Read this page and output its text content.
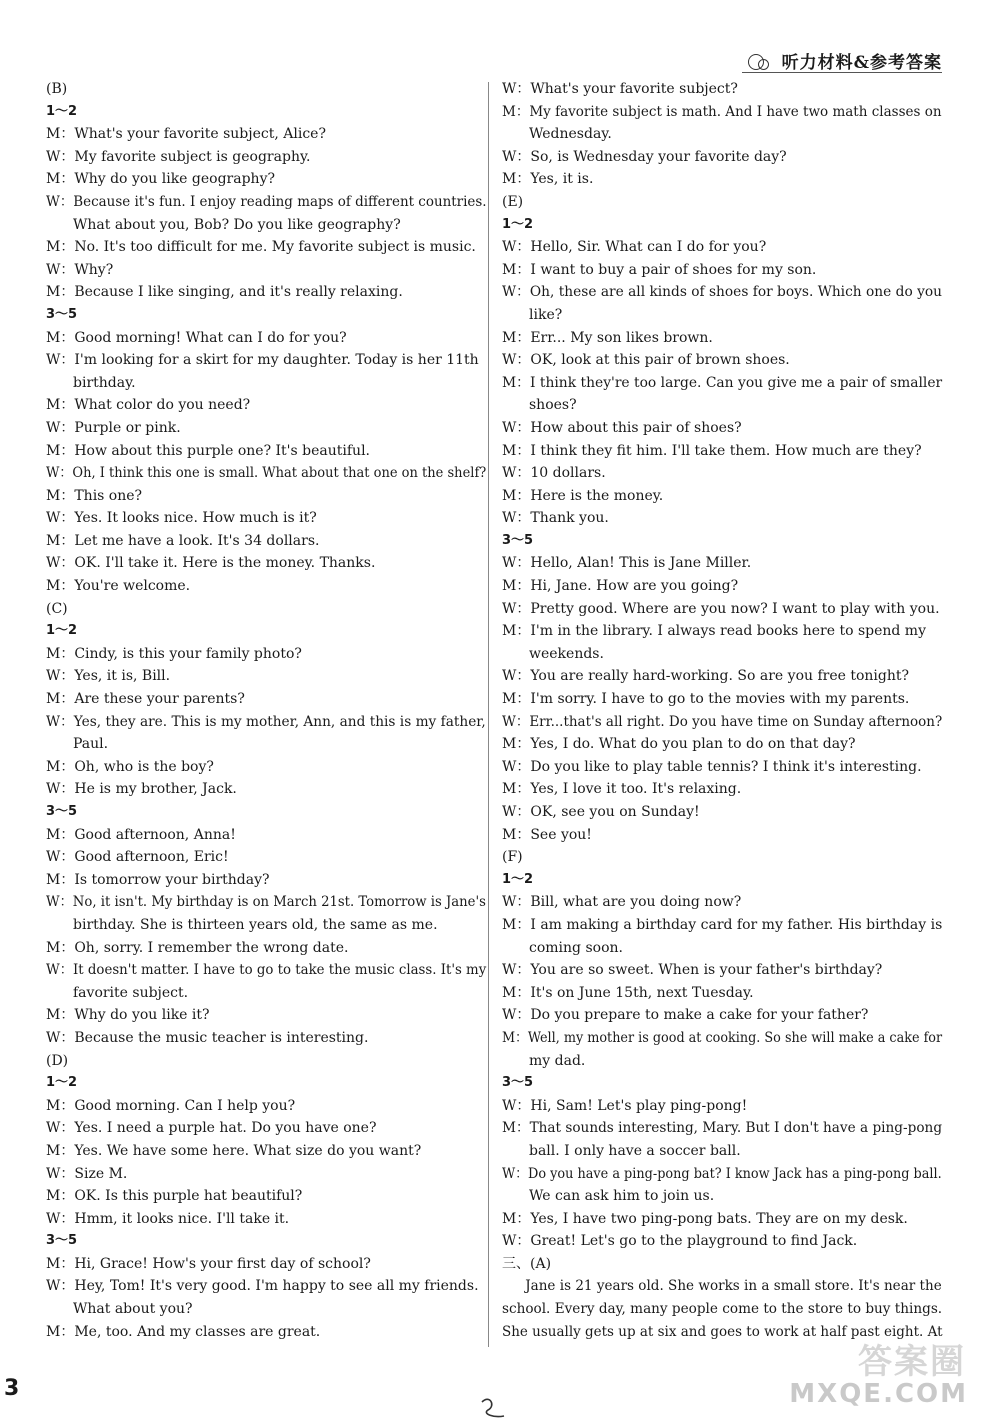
听力材料&参考答案
(B)
1～2
M：What's your favorite subject, Alice?
W：My favorite subject is geography.
M：Why do you like geography?
W：Because it's fun. I enjoy reading maps of different countries.
What about you, Bob? Do you like geography?
M：No. It's too difficult for me. My favorite subject is music.
W：Why?
M：Because I like singing, and it's really relaxing.
3～5
M：Good morning! What can I do for you?
W：I'm looking for a skirt for my daughter. Today is her 11th
birthday.
M：What color do you need?
W：Purple or pink.
M：How about this purple one? It's beautiful.
W：Oh, I think this one is small. What about that one on the shelf?
M：This one?
W：Yes. It looks nice. How much is it?
M：Let me have a look. It's 34 dollars.
W：OK. I'll take it. Here is the money. Thanks.
M：You're welcome.
(C)
1～2
M：Cindy, is this your family photo?
W：Yes, it is, Bill.
M：Are these your parents?
W：Yes, they are. This is my mother, Ann, and this is my father,
Paul.
M：Oh, who is the boy?
W：He is my brother, Jack.
3～5
M：Good afternoon, Anna!
W：Good afternoon, Eric!
M：Is tomorrow your birthday?
W：No, it isn't. My birthday is on March 21st. Tomorrow is Jane's
birthday. She is thirteen years old, the same as me.
M：Oh, sorry. I remember the wrong date.
W：It doesn't matter. I have to go to take the music class. It's my
favorite subject.
M：Why do you like it?
W：Because the music teacher is interesting.
(D)
1～2
M：Good morning. Can I help you?
W：Yes. I need a purple hat. Do you have one?
M：Yes. We have some here. What size do you want?
W：Size M.
M：OK. Is this purple hat beautiful?
W：Hmm, it looks nice. I'll take it.
3～5
M：Hi, Grace! How's your first day of school?
W：Hey, Tom! It's very good. I'm happy to see all my friends.
What about you?
M：Me, too. And my classes are great.
W：What's your favorite subject?
M：My favorite subject is math. And I have two math classes on
Wednesday.
W：So, is Wednesday your favorite day?
M：Yes, it is.
(E)
1～2
W：Hello, Sir. What can I do for you?
M：I want to buy a pair of shoes for my son.
W：Oh, these are all kinds of shoes for boys. Which one do you
like?
M：Err... My son likes brown.
W：OK, look at this pair of brown shoes.
M：I think they're too large. Can you give me a pair of smaller
shoes?
W：How about this pair of shoes?
M：I think they fit him. I'll take them. How much are they?
W：10 dollars.
M：Here is the money.
W：Thank you.
3～5
W：Hello, Alan! This is Jane Miller.
M：Hi, Jane. How are you going?
W：Pretty good. Where are you now? I want to play with you.
M：I'm in the library. I always read books here to spend my
weekends.
W：You are really hard-working. So are you free tonight?
M：I'm sorry. I have to go to the movies with my parents.
W：Err...that's all right. Do you have time on Sunday afternoon?
M：Yes, I do. What do you plan to do on that day?
W：Do you like to play table tennis? I think it's interesting.
M：Yes, I love it too. It's relaxing.
W：OK, see you on Sunday!
M：See you!
(F)
1～2
W：Bill, what are you doing now?
M：I am making a birthday card for my father. His birthday is
coming soon.
W：You are so sweet. When is your father's birthday?
M：It's on June 15th, next Tuesday.
W：Do you prepare to make a cake for your father?
M：Well, my mother is good at cooking. So she will make a cake for
my dad.
3～5
W：Hi, Sam! Let's play ping-pong!
M：That sounds interesting, Mary. But I don't have a ping-pong
ball. I only have a soccer ball.
W：Do you have a ping-pong bat? I know Jack has a ping-pong ball.
We can ask him to join us.
M：Yes, I have two ping-pong bats. They are on my desk.
W：Great! Let's go to the playground to find Jack.
三、(A)
Jane is 21 years old. She works in a small store. It's near the
school. Every day, many people come to the store to buy things.
She usually gets up at six and goes to work at half past eight. At
3
答案圈
MXQE.COM
